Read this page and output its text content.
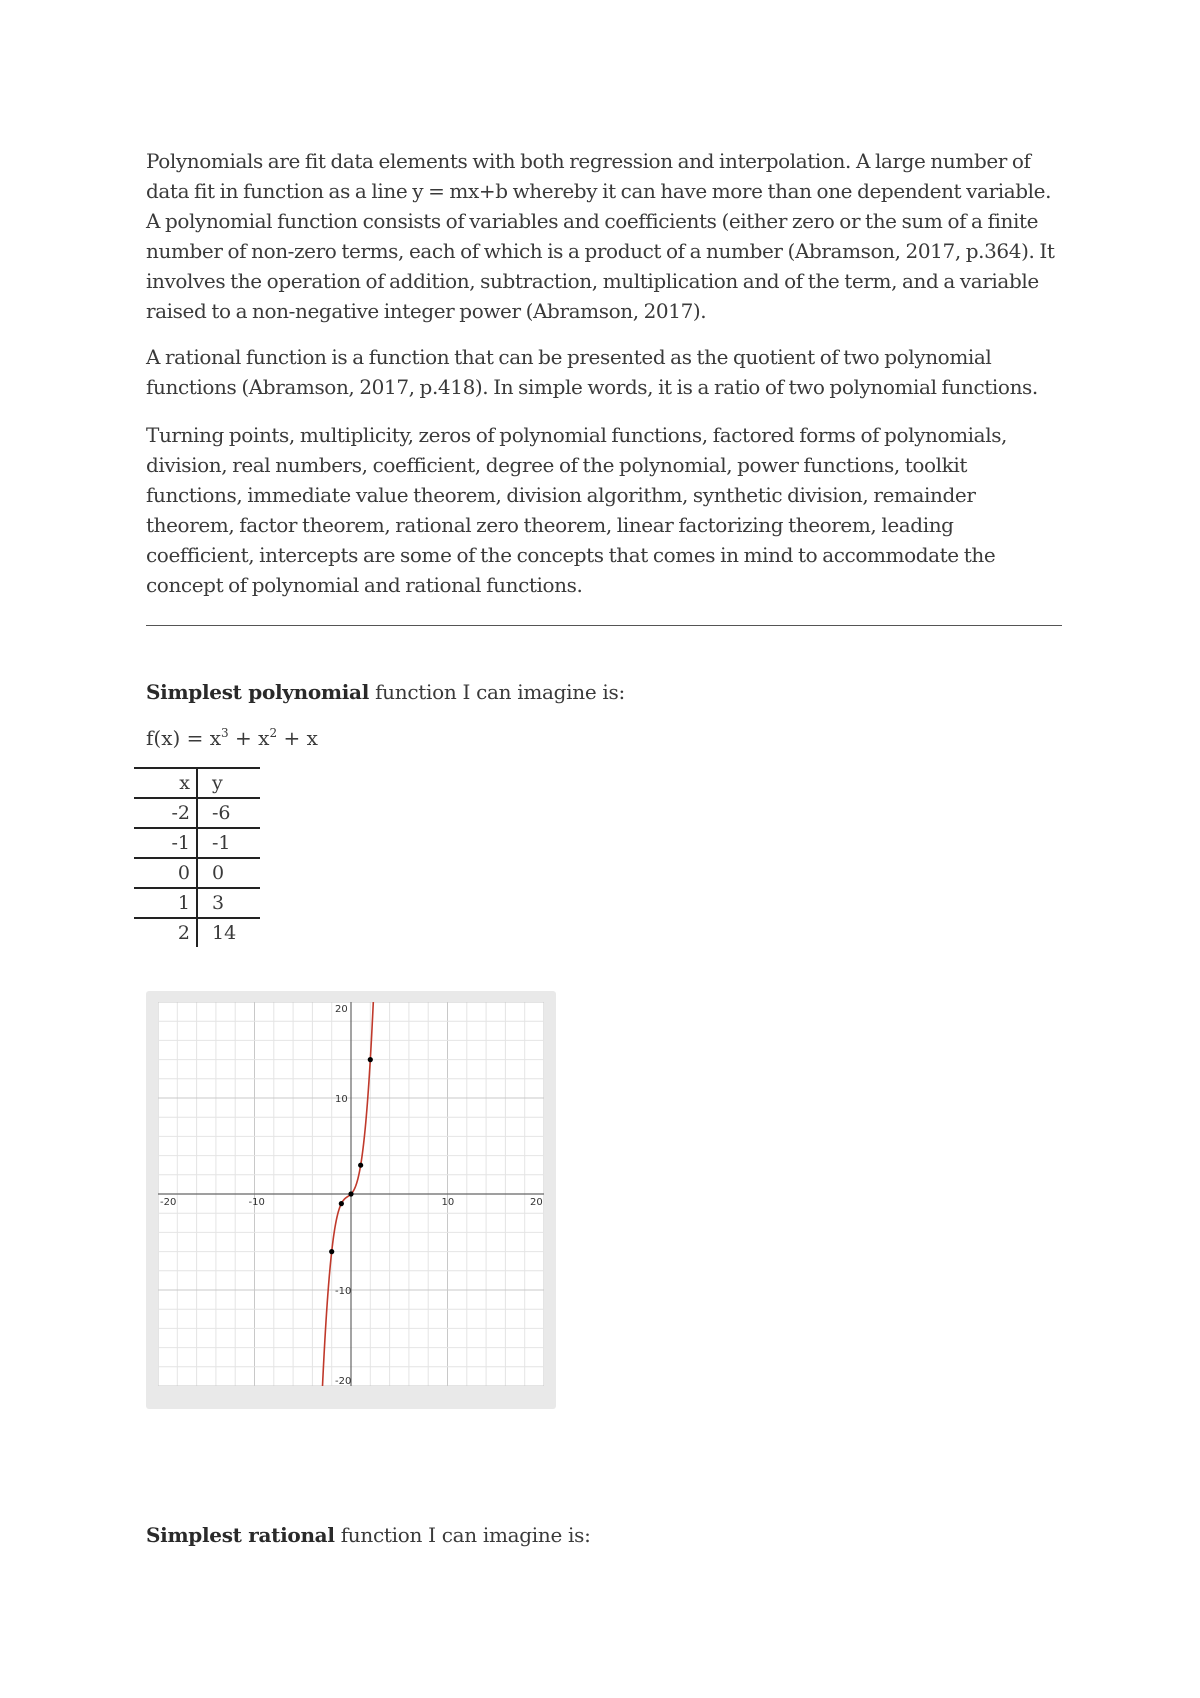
Polynomials are fit data elements with both regression and interpolation. A large number of data fit in function as a line y = mx+b whereby it can have more than one dependent variable. A polynomial function consists of variables and coefficients (either zero or the sum of a finite number of non-zero terms, each of which is a product of a number (Abramson, 2017, p.364). It involves the operation of addition, subtraction, multiplication and of the term, and a variable raised to a non-negative integer power (Abramson, 2017).

A rational function is a function that can be presented as the quotient of two polynomial functions (Abramson, 2017, p.418). In simple words, it is a ratio of two polynomial functions.

Turning points, multiplicity, zeros of polynomial functions, factored forms of polynomials, division, real numbers, coefficient, degree of the polynomial, power functions, toolkit functions, immediate value theorem, division algorithm, synthetic division, remainder theorem, factor theorem, rational zero theorem, linear factorizing theorem, leading coefficient, intercepts are some of the concepts that comes in mind to accommodate the concept of polynomial and rational functions.

Simplest polynomial function I can imagine is:

$f(x) = x^3 + x^2 + x$
x	y
-2	-6
-1	-1
0	0
1	3
2	14
-20	-10	10	20
20
10
-10
-20

Simplest rational function I can imagine is:
